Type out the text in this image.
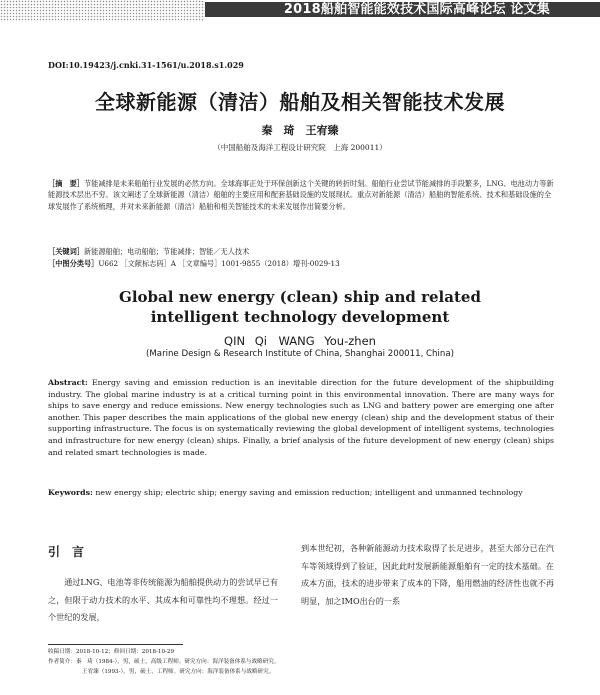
2018船舶智能能效技术国际高峰论坛 论文集
DOI:10.19423/j.cnki.31-1561/u.2018.s1.029
全球新能源（清洁）船舶及相关智能技术发展
秦　琦　王宥臻
（中国船舶及海洋工程设计研究院　上海 200011）
［摘　要］节能减排是未来船舶行业发展的必然方向。全球海事正处于环保创新这个关键的转折时刻。船舶行业尝试节能减排的手段繁多，LNG、电池动力等新能源技术层出不穷。该文阐述了全球新能源（清洁）船舶的主要应用和配套基础设施的发展现状。重点对新能源（清洁）船舶的智能系统、技术和基础设施的全球发展作了系统梳理，并对未来新能源（清洁）船舶和相关智能技术的未来发展作出简要分析。
［关键词］新能源船舶；电动船舶；节能减排；智能／无人技术
［中图分类号］U662 ［文献标志码］A ［文章编号］1001-9855（2018）增刊-0029-13
Global new energy (clean) ship and related
intelligent technology development
QIN Qi　WANG You-zhen
(Marine Design & Research Institute of China, Shanghai 200011, China)
Abstract: Energy saving and emission reduction is an inevitable direction for the future development of the shipbuilding industry. The global marine industry is at a critical turning point in this environmental innovation. There are many ways for ships to save energy and reduce emissions. New energy technologies such as LNG and battery power are emerging one after another. This paper describes the main applications of the global new energy (clean) ship and the development status of their supporting infrastructure. The focus is on systematically reviewing the global development of intelligent systems, technologies and infrastructure for new energy (clean) ships. Finally, a brief analysis of the future development of new energy (clean) ships and related smart technologies is made.
Keywords: new energy ship; electric ship; energy saving and emission reduction; intelligent and unmanned technology
引　言
通过LNG、电池等非传统能源为船舶提供动力的尝试早已有之，但限于动力技术的水平、其成本和可靠性均不理想。经过一个世纪的发展，
到本世纪初，各种新能源动力技术取得了长足进步，甚至大部分已在汽车等领域得到了验证，因此此时发展新能源船舶有一定的技术基础。在成本方面，技术的进步带来了成本的下降，船用燃油的经济性也就不再明显，加之IMO出台的一系
收稿日期：2018-10-12；修回日期：2018-10-29
作者简介：秦　琦（1984-），男，硕士，高级工程师。研究方向：海洋装备体系与战略研究。
王宥臻（1993-），男，硕士，工程师。研究方向：海洋装备体系与战略研究。
